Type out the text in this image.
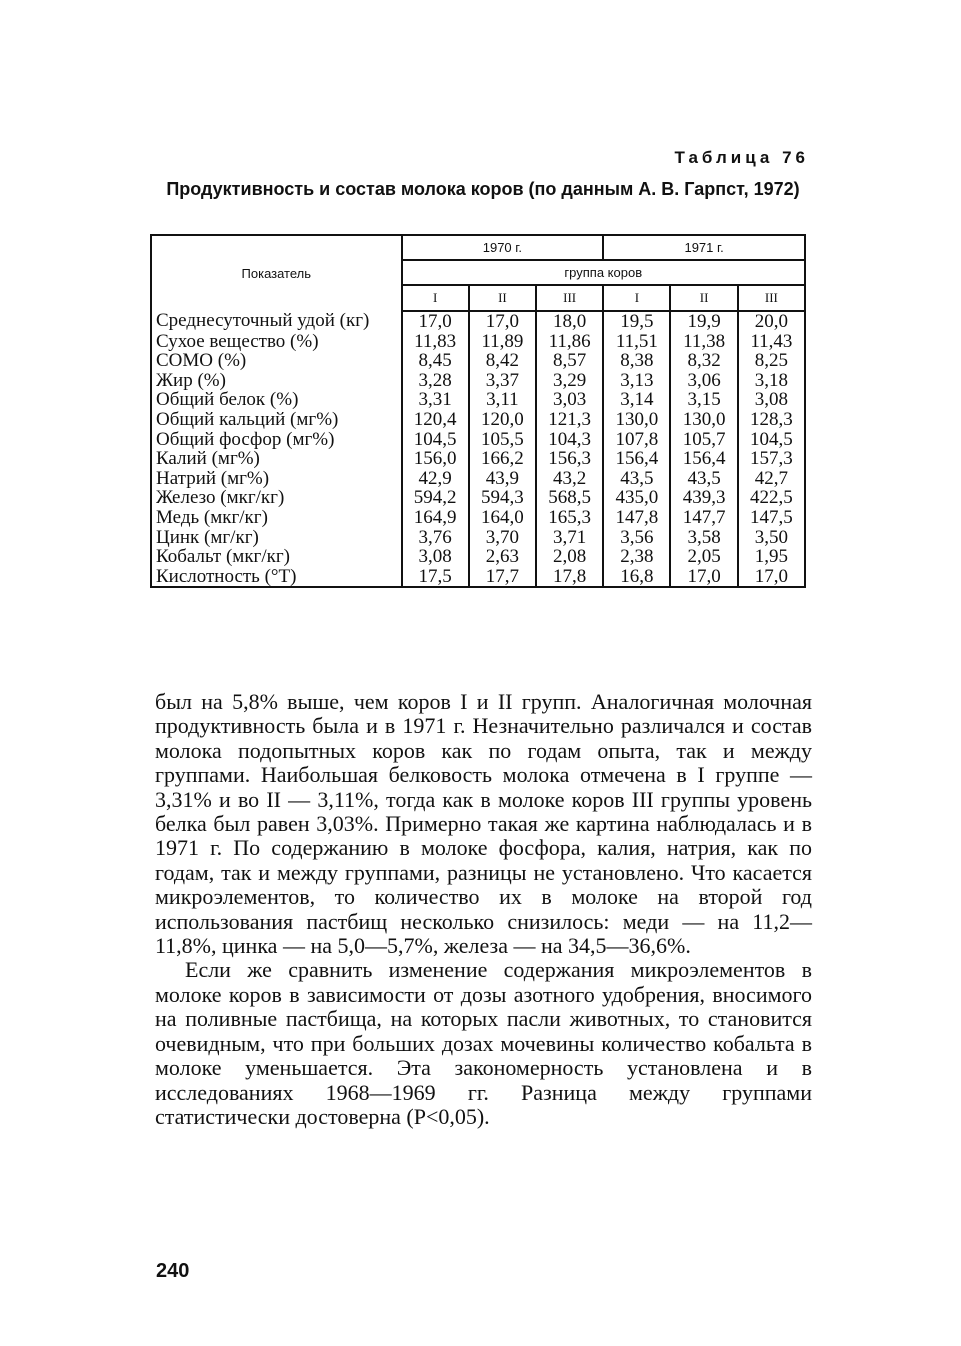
Таблица 76
Продуктивность и состав молока коров (по данным А. В. Гарпст, 1972)
Показатель	1970 г.			1971 г.		
	группа коров					
	I	II	III	I	II	III
Среднесуточный удой (кг)	17,0	17,0	18,0	19,5	19,9	20,0
Сухое вещество (%)	11,83	11,89	11,86	11,51	11,38	11,43
СОМО (%)	8,45	8,42	8,57	8,38	8,32	8,25
Жир (%)	3,28	3,37	3,29	3,13	3,06	3,18
Общий белок (%)	3,31	3,11	3,03	3,14	3,15	3,08
Общий кальций (мг%)	120,4	120,0	121,3	130,0	130,0	128,3
Общий фосфор (мг%)	104,5	105,5	104,3	107,8	105,7	104,5
Калий (мг%)	156,0	166,2	156,3	156,4	156,4	157,3
Натрий (мг%)	42,9	43,9	43,2	43,5	43,5	42,7
Железо (мкг/кг)	594,2	594,3	568,5	435,0	439,3	422,5
Медь (мкг/кг)	164,9	164,0	165,3	147,8	147,7	147,5
Цинк (мг/кг)	3,76	3,70	3,71	3,56	3,58	3,50
Кобальт (мкг/кг)	3,08	2,63	2,08	2,38	2,05	1,95
Кислотность (°Т)	17,5	17,7	17,8	16,8	17,0	17,0

был на 5,8% выше, чем коров I и II групп. Аналогичная молочная продуктивность была и в 1971 г. Незначительно различался и состав молока подопытных коров как по годам опыта, так и между группами. Наибольшая белковость молока отмечена в I группе — 3,31% и во II — 3,11%, тогда как в молоке коров III группы уровень белка был равен 3,03%. Примерно такая же картина наблюдалась и в 1971 г. По содержанию в молоке фосфора, калия, натрия, как по годам, так и между группами, разницы не установлено. Что касается микроэлементов, то количество их в молоке на второй год использования пастбищ несколько снизилось: меди — на 11,2—11,8%, цинка — на 5,0—5,7%, железа — на 34,5—36,6%.

Если же сравнить изменение содержания микроэлементов в молоке коров в зависимости от дозы азотного удобрения, вносимого на поливные пастбища, на которых пасли животных, то становится очевидным, что при больших дозах мочевины количество кобальта в молоке уменьшается. Эта закономерность установлена и в исследованиях 1968—1969 гг. Разница между группами статистически достоверна (P<0,05).

240
